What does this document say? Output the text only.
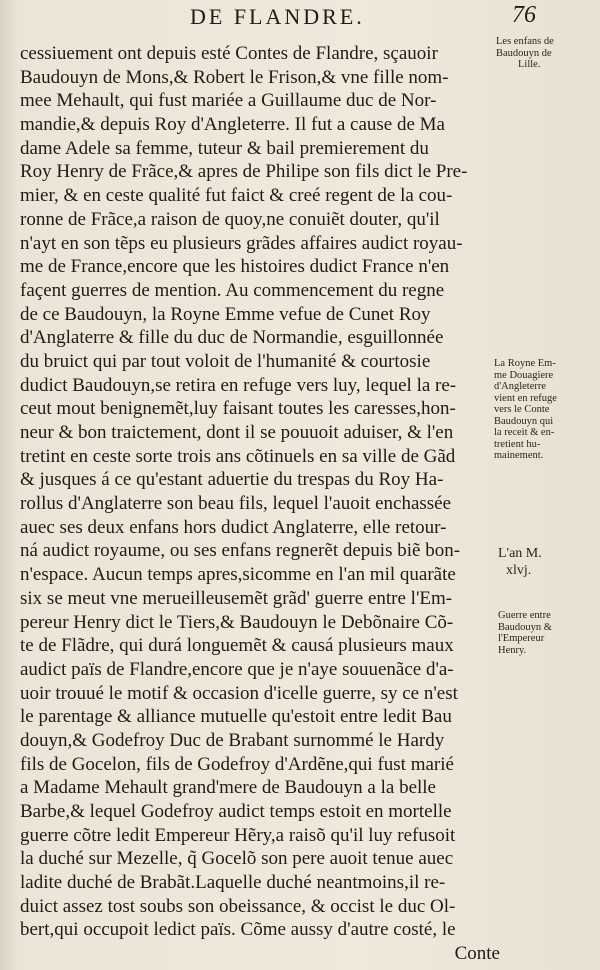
DE FLANDRE.	76
cessiuement ont depuis esté Contes de Flandre, sçauoir
Baudouyn de Mons,& Robert le Frison,& vne fille nom-
mee Mehault, qui fust mariée a Guillaume duc de Nor-
mandie,& depuis Roy d'Angleterre. Il fut a cause de Ma
dame Adele sa femme, tuteur & bail premierement du
Roy Henry de Frãce,& apres de Philipe son fils dict le Pre-
mier, & en ceste qualité fut faict & creé regent de la cou-
ronne de Frãce,a raison de quoy,ne conuiẽt douter, qu'il
n'ayt en son tẽps eu plusieurs grãdes affaires audict royau-
me de France,encore que les histoires dudict France n'en
façent guerres de mention. Au commencement du regne
de ce Baudouyn, la Royne Emme vefue de Cunet Roy
d'Anglaterre & fille du duc de Normandie, esguillonnée
du bruict qui par tout voloit de l'humanité & courtosie
dudict Baudouyn,se retira en refuge vers luy, lequel la re-
ceut mout benignemẽt,luy faisant toutes les caresses,hon-
neur & bon traictement, dont il se pouuoit aduiser, & l'en
tretint en ceste sorte trois ans cõtinuels en sa ville de Gãd
& jusques á ce qu'estant aduertie du trespas du Roy Ha-
rollus d'Anglaterre son beau fils, lequel l'auoit enchassée
auec ses deux enfans hors dudict Anglaterre, elle retour-
ná audict royaume, ou ses enfans regnerẽt depuis biẽ bon-
n'espace. Aucun temps apres,sicomme en l'an mil quarãte
six se meut vne merueilleusemẽt grãd' guerre entre l'Em-
pereur Henry dict le Tiers,& Baudouyn le Debõnaire Cõ-
te de Flãdre, qui durá longuemẽt & causá plusieurs maux
audict païs de Flandre,encore que je n'aye souuenãce d'a-
uoir trouué le motif & occasion d'icelle guerre, sy ce n'est
le parentage & alliance mutuelle qu'estoit entre ledit Bau
douyn,& Godefroy Duc de Brabant surnommé le Hardy
fils de Gocelon, fils de Godefroy d'Ardẽne,qui fust marié
a Madame Mehault grand'mere de Baudouyn a la belle
Barbe,& lequel Godefroy audict temps estoit en mortelle
guerre cõtre ledit Empereur Hẽry,a raisõ qu'il luy refusoit
la duché sur Mezelle, q̃ Gocelõ son pere auoit tenue auec
ladite duché de Brabãt.Laquelle duché neantmoins,il re-
duict assez tost soubs son obeissance, & occist le duc Ol-
bert,qui occupoit ledict païs. Cõme aussy d'autre costé, le
Conte
Les enfans de
Baudouyn de
Lille.
La Royne Em-
me Douagiere
d'Angleterre
vient en refuge
vers le Conte
Baudouyn qui
la receit & en-
tretient hu-
mainement.
L'an M.
xlvj.
Guerre entre
Baudouyn &
l'Empereur
Henry.
